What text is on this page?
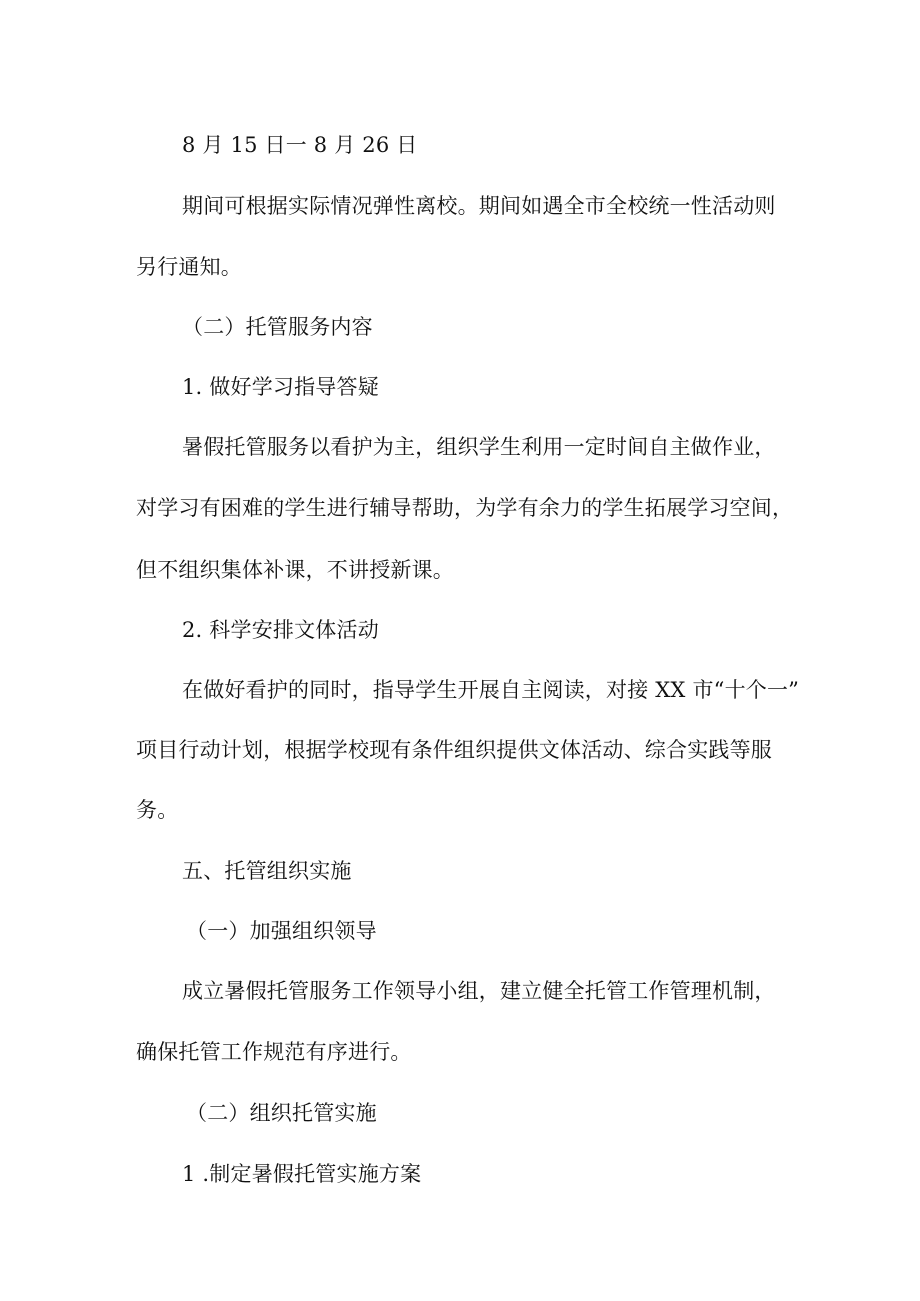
8 月 15 日一 8 月 26 日
期间可根据实际情况弹性离校。期间如遇全市全校统一性活动则
另行通知。
（二）托管服务内容
1. 做好学习指导答疑
暑假托管服务以看护为主，组织学生利用一定时间自主做作业，
对学习有困难的学生进行辅导帮助，为学有余力的学生拓展学习空间，
但不组织集体补课，不讲授新课。
2. 科学安排文体活动
在做好看护的同时，指导学生开展自主阅读，对接 XX 市“十个一”
项目行动计划，根据学校现有条件组织提供文体活动、综合实践等服
务。
五、托管组织实施
（一）加强组织领导
成立暑假托管服务工作领导小组，建立健全托管工作管理机制，
确保托管工作规范有序进行。
（二）组织托管实施
1 .制定暑假托管实施方案
